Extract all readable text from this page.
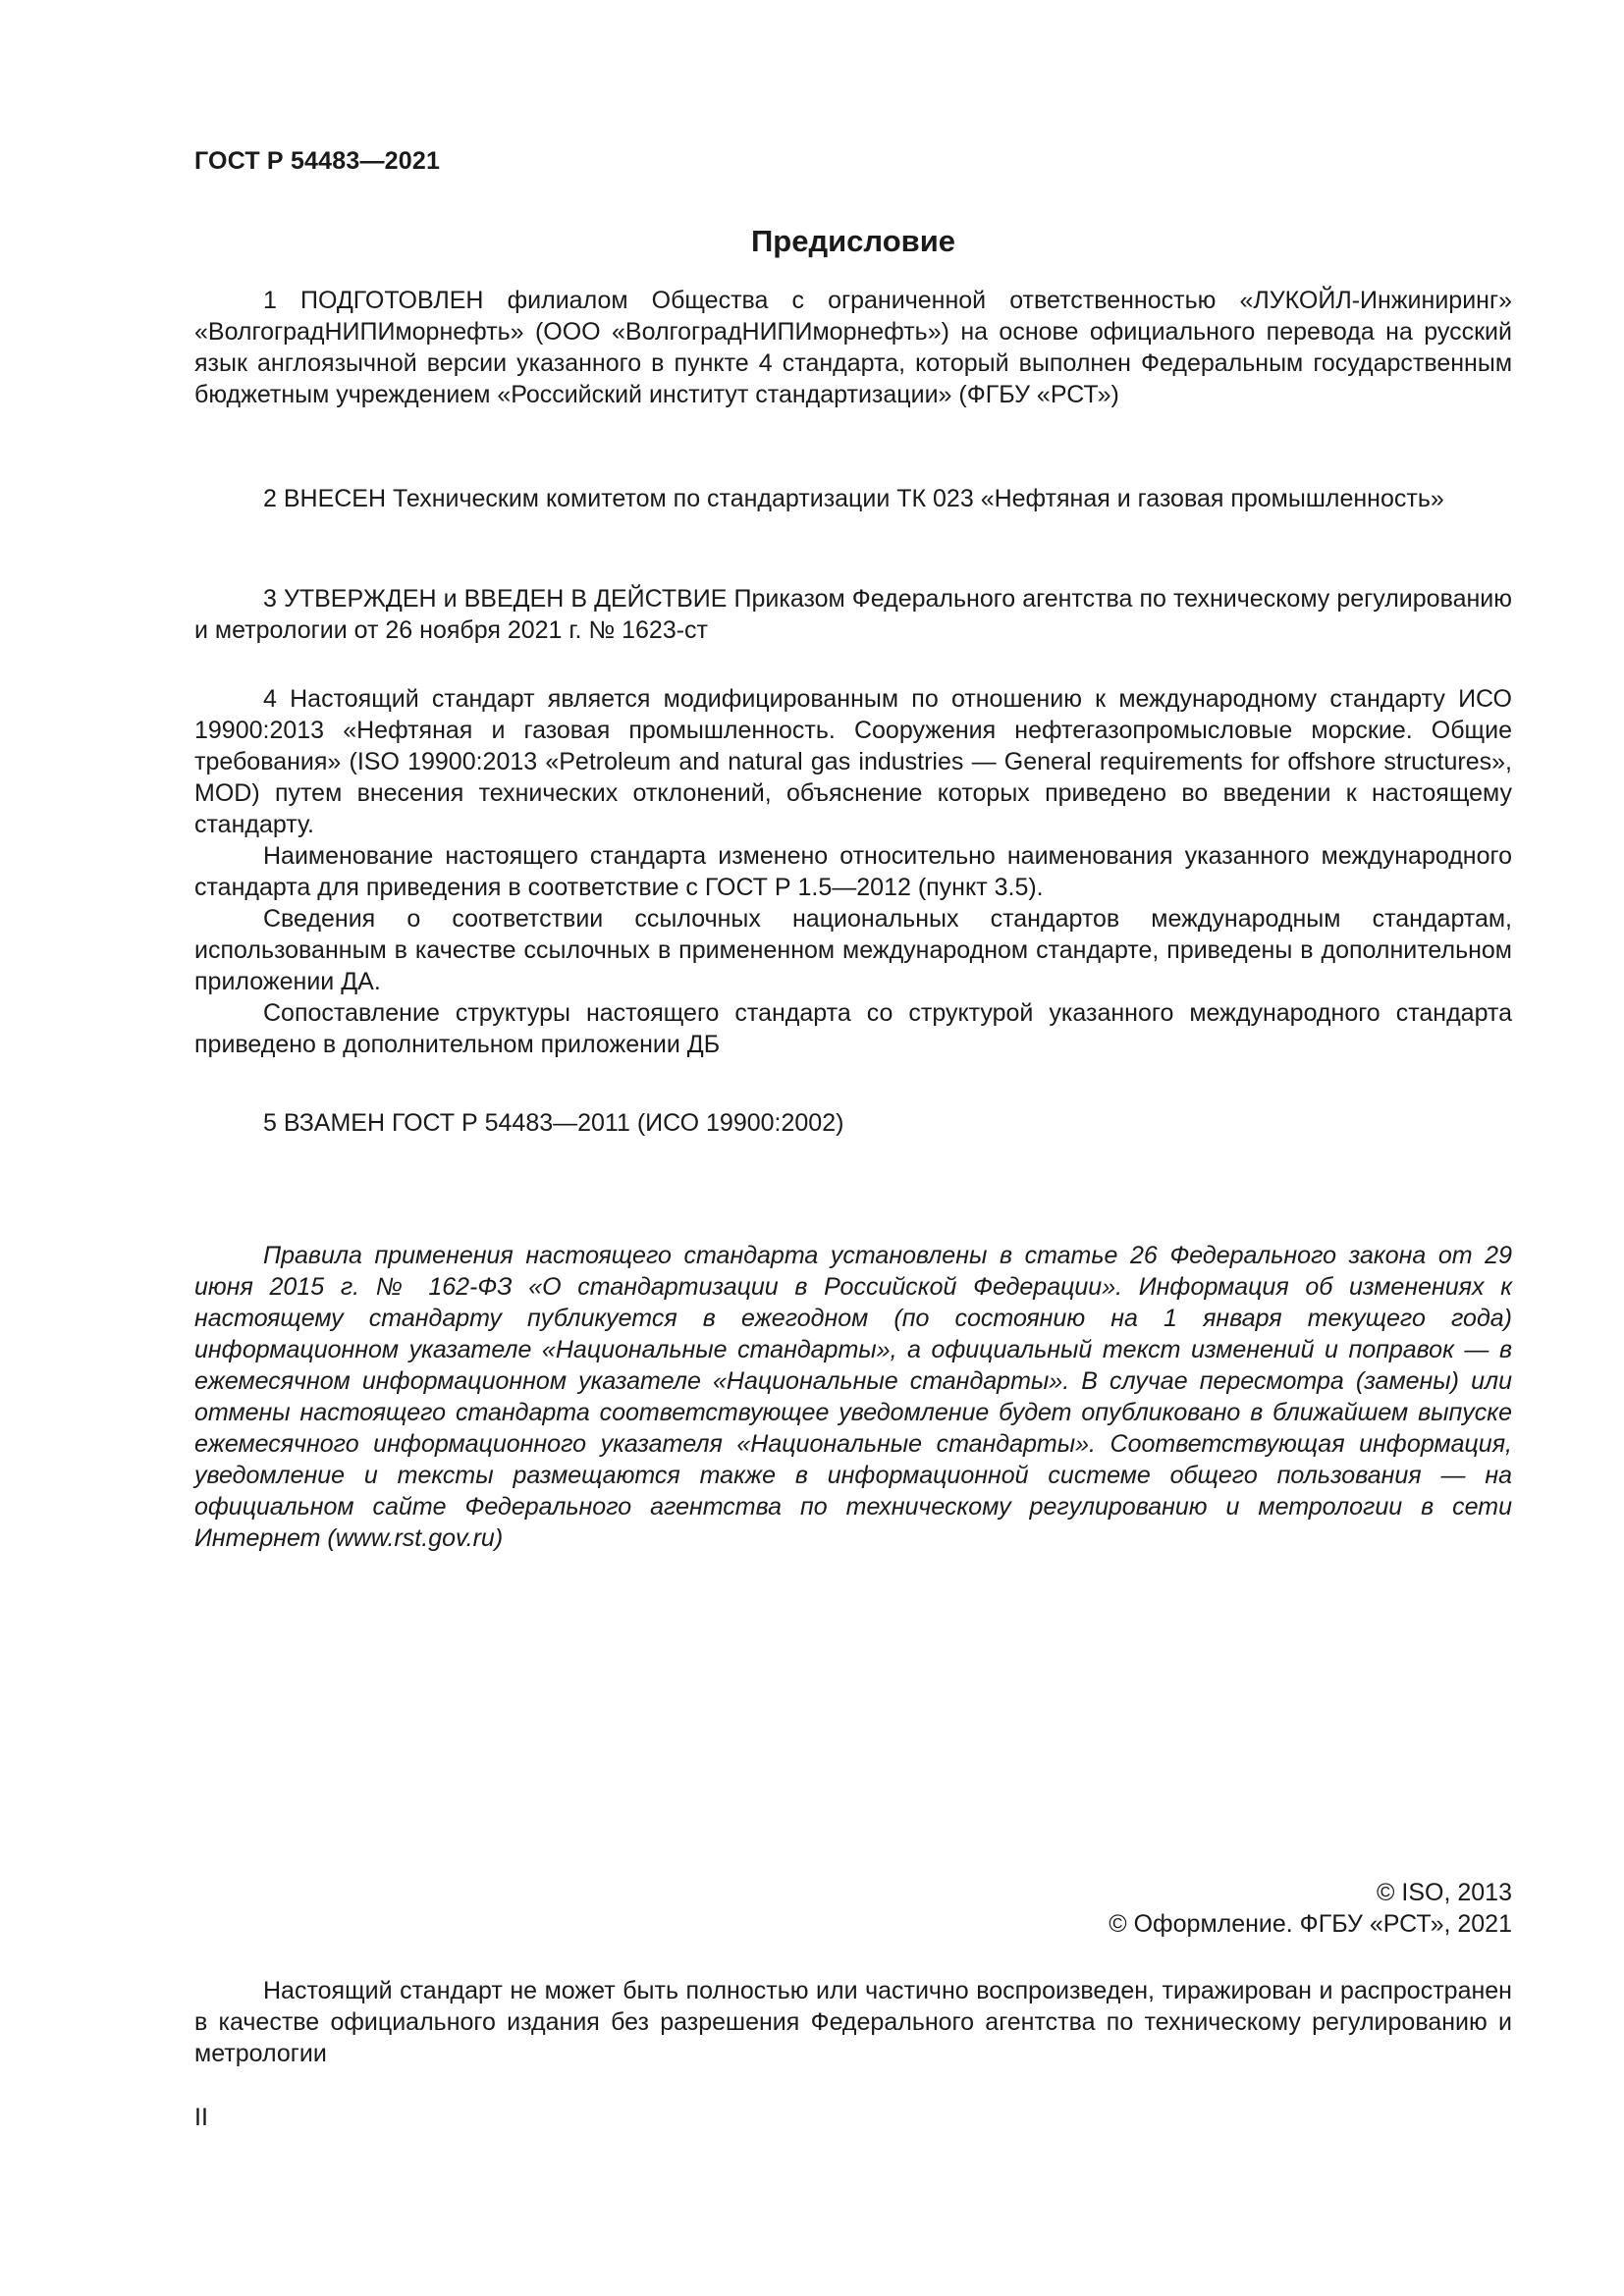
ГОСТ Р 54483—2021
Предисловие

1 ПОДГОТОВЛЕН филиалом Общества с ограниченной ответственностью «ЛУКОЙЛ-Инжиниринг» «ВолгоградНИПИморнефть» (ООО «ВолгоградНИПИморнефть») на основе официального перевода на русский язык англоязычной версии указанного в пункте 4 стандарта, который выполнен Федеральным государственным бюджетным учреждением «Российский институт стандартизации» (ФГБУ «РСТ»)

2 ВНЕСЕН Техническим комитетом по стандартизации ТК 023 «Нефтяная и газовая промышленность»

3 УТВЕРЖДЕН и ВВЕДЕН В ДЕЙСТВИЕ Приказом Федерального агентства по техническому регулированию и метрологии от 26 ноября 2021 г. № 1623-ст

4 Настоящий стандарт является модифицированным по отношению к международному стандарту ИСО 19900:2013 «Нефтяная и газовая промышленность. Сооружения нефтегазопромысловые морские. Общие требования» (ISO 19900:2013 «Petroleum and natural gas industries — General requirements for offshore structures», MOD) путем внесения технических отклонений, объяснение которых приведено во введении к настоящему стандарту.

Наименование настоящего стандарта изменено относительно наименования указанного международного стандарта для приведения в соответствие с ГОСТ Р 1.5—2012 (пункт 3.5).

Сведения о соответствии ссылочных национальных стандартов международным стандартам, использованным в качестве ссылочных в примененном международном стандарте, приведены в дополнительном приложении ДА.

Сопоставление структуры настоящего стандарта со структурой указанного международного стандарта приведено в дополнительном приложении ДБ

5 ВЗАМЕН ГОСТ Р 54483—2011 (ИСО 19900:2002)

Правила применения настоящего стандарта установлены в статье 26 Федерального закона от 29 июня 2015 г. № 162-ФЗ «О стандартизации в Российской Федерации». Информация об изменениях к настоящему стандарту публикуется в ежегодном (по состоянию на 1 января текущего года) информационном указателе «Национальные стандарты», а официальный текст изменений и поправок — в ежемесячном информационном указателе «Национальные стандарты». В случае пересмотра (замены) или отмены настоящего стандарта соответствующее уведомление будет опубликовано в ближайшем выпуске ежемесячного информационного указателя «Национальные стандарты». Соответствующая информация, уведомление и тексты размещаются также в информационной системе общего пользования — на официальном сайте Федерального агентства по техническому регулированию и метрологии в сети Интернет (www.rst.gov.ru)

© ISO, 2013
© Оформление. ФГБУ «РСТ», 2021

Настоящий стандарт не может быть полностью или частично воспроизведен, тиражирован и распространен в качестве официального издания без разрешения Федерального агентства по техническому регулированию и метрологии

II
